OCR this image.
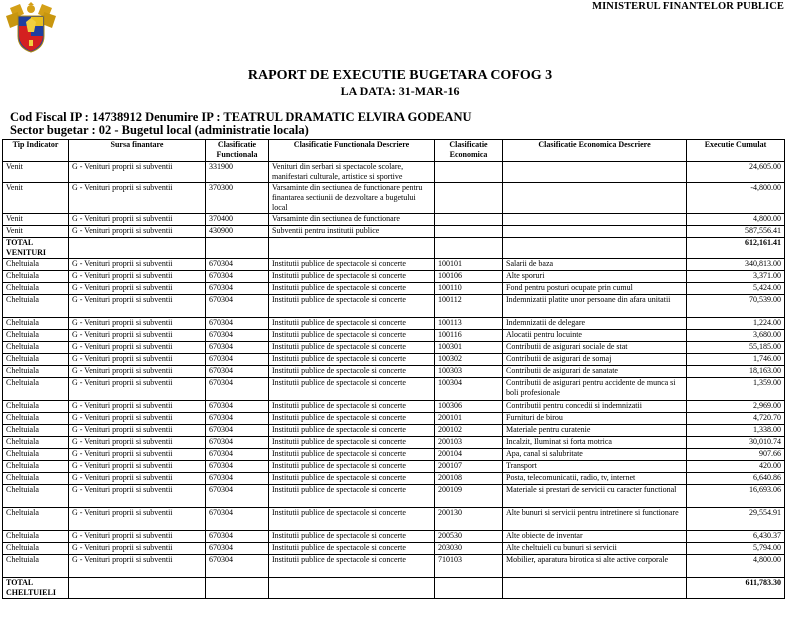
MINISTERUL FINANTELOR PUBLICE
RAPORT DE EXECUTIE BUGETARA COFOG 3
LA DATA: 31-MAR-16
Cod Fiscal IP : 14738912 Denumire IP : TEATRUL DRAMATIC ELVIRA GODEANU
Sector bugetar : 02 - Bugetul local (administratie locala)
Tip Indicator	Sursa finantare	Clasificatie Functionala	Clasificatie Functionala Descriere	Clasificatie Economica	Clasificatie Economica Descriere	Executie Cumulat
Venit	G - Venituri proprii si subventii	331900	Venituri din serbari si spectacole scolare, manifestari culturale, artistice si sportive			24,605.00
Venit	G - Venituri proprii si subventii	370300	Varsaminte din sectiunea de functionare pentru finantarea sectiunii de dezvoltare a bugetului local			-4,800.00
Venit	G - Venituri proprii si subventii	370400	Varsaminte din sectiunea de functionare			4,800.00
Venit	G - Venituri proprii si subventii	430900	Subventii pentru institutii publice			587,556.41
TOTAL VENITURI						612,161.41
Cheltuiala	G - Venituri proprii si subventii	670304	Institutii publice de spectacole si concerte	100101	Salarii de baza	340,813.00
Cheltuiala	G - Venituri proprii si subventii	670304	Institutii publice de spectacole si concerte	100106	Alte sporuri	3,371.00
Cheltuiala	G - Venituri proprii si subventii	670304	Institutii publice de spectacole si concerte	100110	Fond pentru posturi ocupate prin cumul	5,424.00
Cheltuiala	G - Venituri proprii si subventii	670304	Institutii publice de spectacole si concerte	100112	Indemnizatii platite unor persoane din afara unitatii	70,539.00
Cheltuiala	G - Venituri proprii si subventii	670304	Institutii publice de spectacole si concerte	100113	Indemnizatii de delegare	1,224.00
Cheltuiala	G - Venituri proprii si subventii	670304	Institutii publice de spectacole si concerte	100116	Alocatii pentru locuinte	3,680.00
Cheltuiala	G - Venituri proprii si subventii	670304	Institutii publice de spectacole si concerte	100301	Contributii de asigurari sociale de stat	55,185.00
Cheltuiala	G - Venituri proprii si subventii	670304	Institutii publice de spectacole si concerte	100302	Contributii de asigurari de somaj	1,746.00
Cheltuiala	G - Venituri proprii si subventii	670304	Institutii publice de spectacole si concerte	100303	Contributii de asigurari de sanatate	18,163.00
Cheltuiala	G - Venituri proprii si subventii	670304	Institutii publice de spectacole si concerte	100304	Contributii de asigurari pentru accidente de munca si boli profesionale	1,359.00
Cheltuiala	G - Venituri proprii si subventii	670304	Institutii publice de spectacole si concerte	100306	Contributii pentru concedii si indemnizatii	2,969.00
Cheltuiala	G - Venituri proprii si subventii	670304	Institutii publice de spectacole si concerte	200101	Furnituri de birou	4,720.70
Cheltuiala	G - Venituri proprii si subventii	670304	Institutii publice de spectacole si concerte	200102	Materiale pentru curatenie	1,338.00
Cheltuiala	G - Venituri proprii si subventii	670304	Institutii publice de spectacole si concerte	200103	Incalzit, Iluminat si forta motrica	30,010.74
Cheltuiala	G - Venituri proprii si subventii	670304	Institutii publice de spectacole si concerte	200104	Apa, canal si salubritate	907.66
Cheltuiala	G - Venituri proprii si subventii	670304	Institutii publice de spectacole si concerte	200107	Transport	420.00
Cheltuiala	G - Venituri proprii si subventii	670304	Institutii publice de spectacole si concerte	200108	Posta, telecomunicatii, radio, tv, internet	6,640.86
Cheltuiala	G - Venituri proprii si subventii	670304	Institutii publice de spectacole si concerte	200109	Materiale si prestari de servicii cu caracter functional	16,693.06
Cheltuiala	G - Venituri proprii si subventii	670304	Institutii publice de spectacole si concerte	200130	Alte bunuri si servicii pentru intretinere si functionare	29,554.91
Cheltuiala	G - Venituri proprii si subventii	670304	Institutii publice de spectacole si concerte	200530	Alte obiecte de inventar	6,430.37
Cheltuiala	G - Venituri proprii si subventii	670304	Institutii publice de spectacole si concerte	203030	Alte cheltuieli cu bunuri si servicii	5,794.00
Cheltuiala	G - Venituri proprii si subventii	670304	Institutii publice de spectacole si concerte	710103	Mobilier, aparatura birotica si alte active corporale	4,800.00
TOTAL CHELTUIELI						611,783.30
